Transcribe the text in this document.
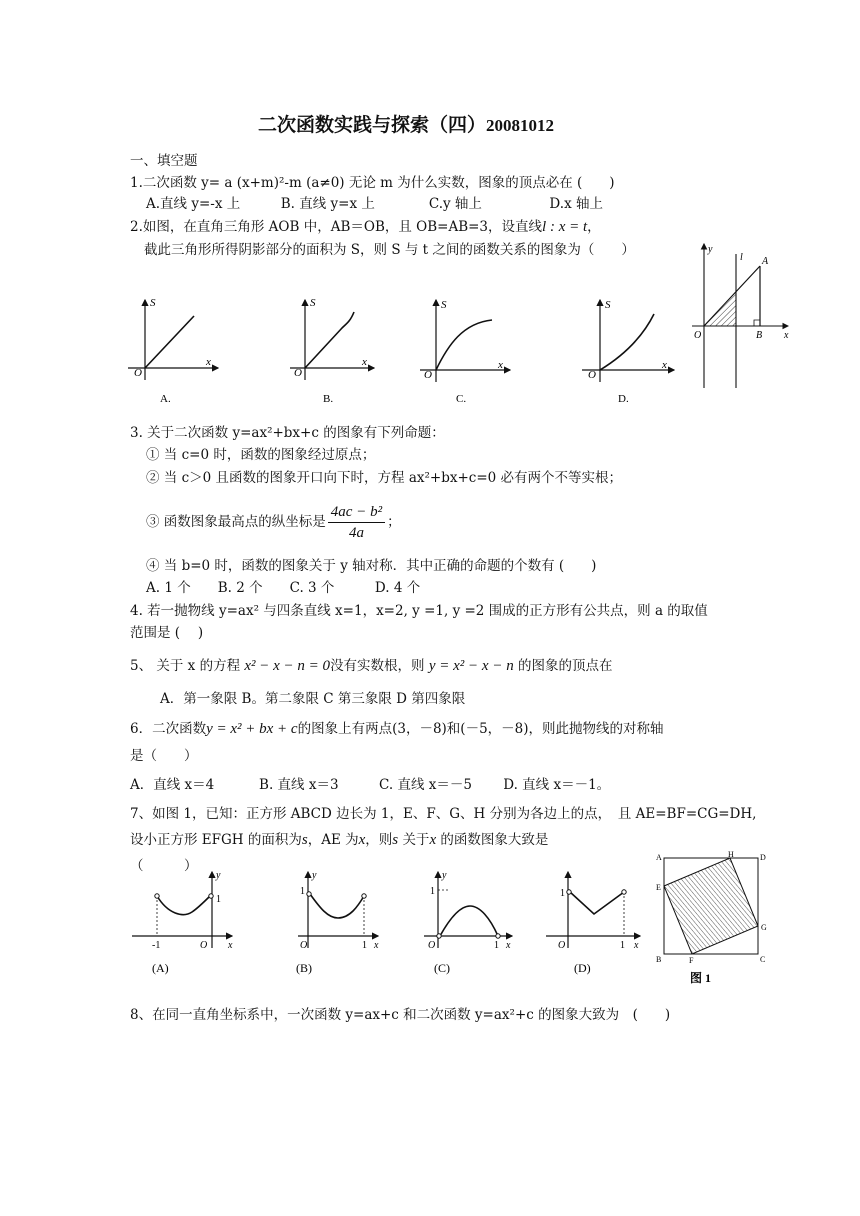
二次函数实践与探索（四）20081012
一、填空题
1.二次函数 y= a (x+m)²-m (a≠0) 无论 m 为什么实数，图象的顶点必在 (　　)
A.直线 y=-x 上　　　B. 直线 y=x 上　　　　C.y 轴上　　　　　D.x 轴上
2.如图，在直角三角形 AOB 中，AB＝OB，且 OB=AB=3，设直线l : x = t，
截此三角形所得阴影部分的面积为 S，则 S 与 t 之间的函数关系的图象为（　　）
S
x
O
A.
S
x
O
B.
S
x
O
C.
S
x
O
D.
y
l A
O	B x
3. 关于二次函数 y=ax²+bx+c 的图象有下列命题：
① 当 c=0 时，函数的图象经过原点；
② 当 c＞0 且函数的图象开口向下时，方程 ax²+bx+c=0 必有两个不等实根；
③ 函数图象最高点的纵坐标是 $\frac{\text{4ac − b²}}{4a}$ ；
④ 当 b=0 时，函数的图象关于 y 轴对称．其中正确的命题的个数有 (　　)
A. 1 个　　B. 2 个　　C. 3 个　　　D. 4 个
4. 若一抛物线 y=ax² 与四条直线 x=1，x=2, y =1, y =2 围成的正方形有公共点，则 a 的取值
范围是 (　 )
5、 关于 x 的方程 x² − x − n = 0没有实数根，则 y = x² − x − n 的图象的顶点在
A．第一象限 B。第二象限 C 第三象限 D 第四象限
6．二次函数y = x² + bx + c的图象上有两点(3，－8)和(－5，－8)，则此抛物线的对称轴
是（　　）
A．直线 x＝4　　　 B. 直线 x＝3　　　C. 直线 x＝－5　　 D. 直线 x＝－1。
7、如图 1，已知：正方形 ABCD 边长为 1，E、F、G、H 分别为各边上的点，　且 AE=BF=CG=DH,
设小正方形 EFGH 的面积为s，AE 为x，则s 关于x 的函数图象大致是
（　　　）
y
1
-1	O x
(A)
y
1
O	1 x
(B)
y
1
O	1 x
(C)
1
O	1 x
(D)
A	H	D
E
G
B	F	C
图 1
8、在同一直角坐标系中，一次函数 y=ax+c 和二次函数 y=ax²+c 的图象大致为　(　　)
